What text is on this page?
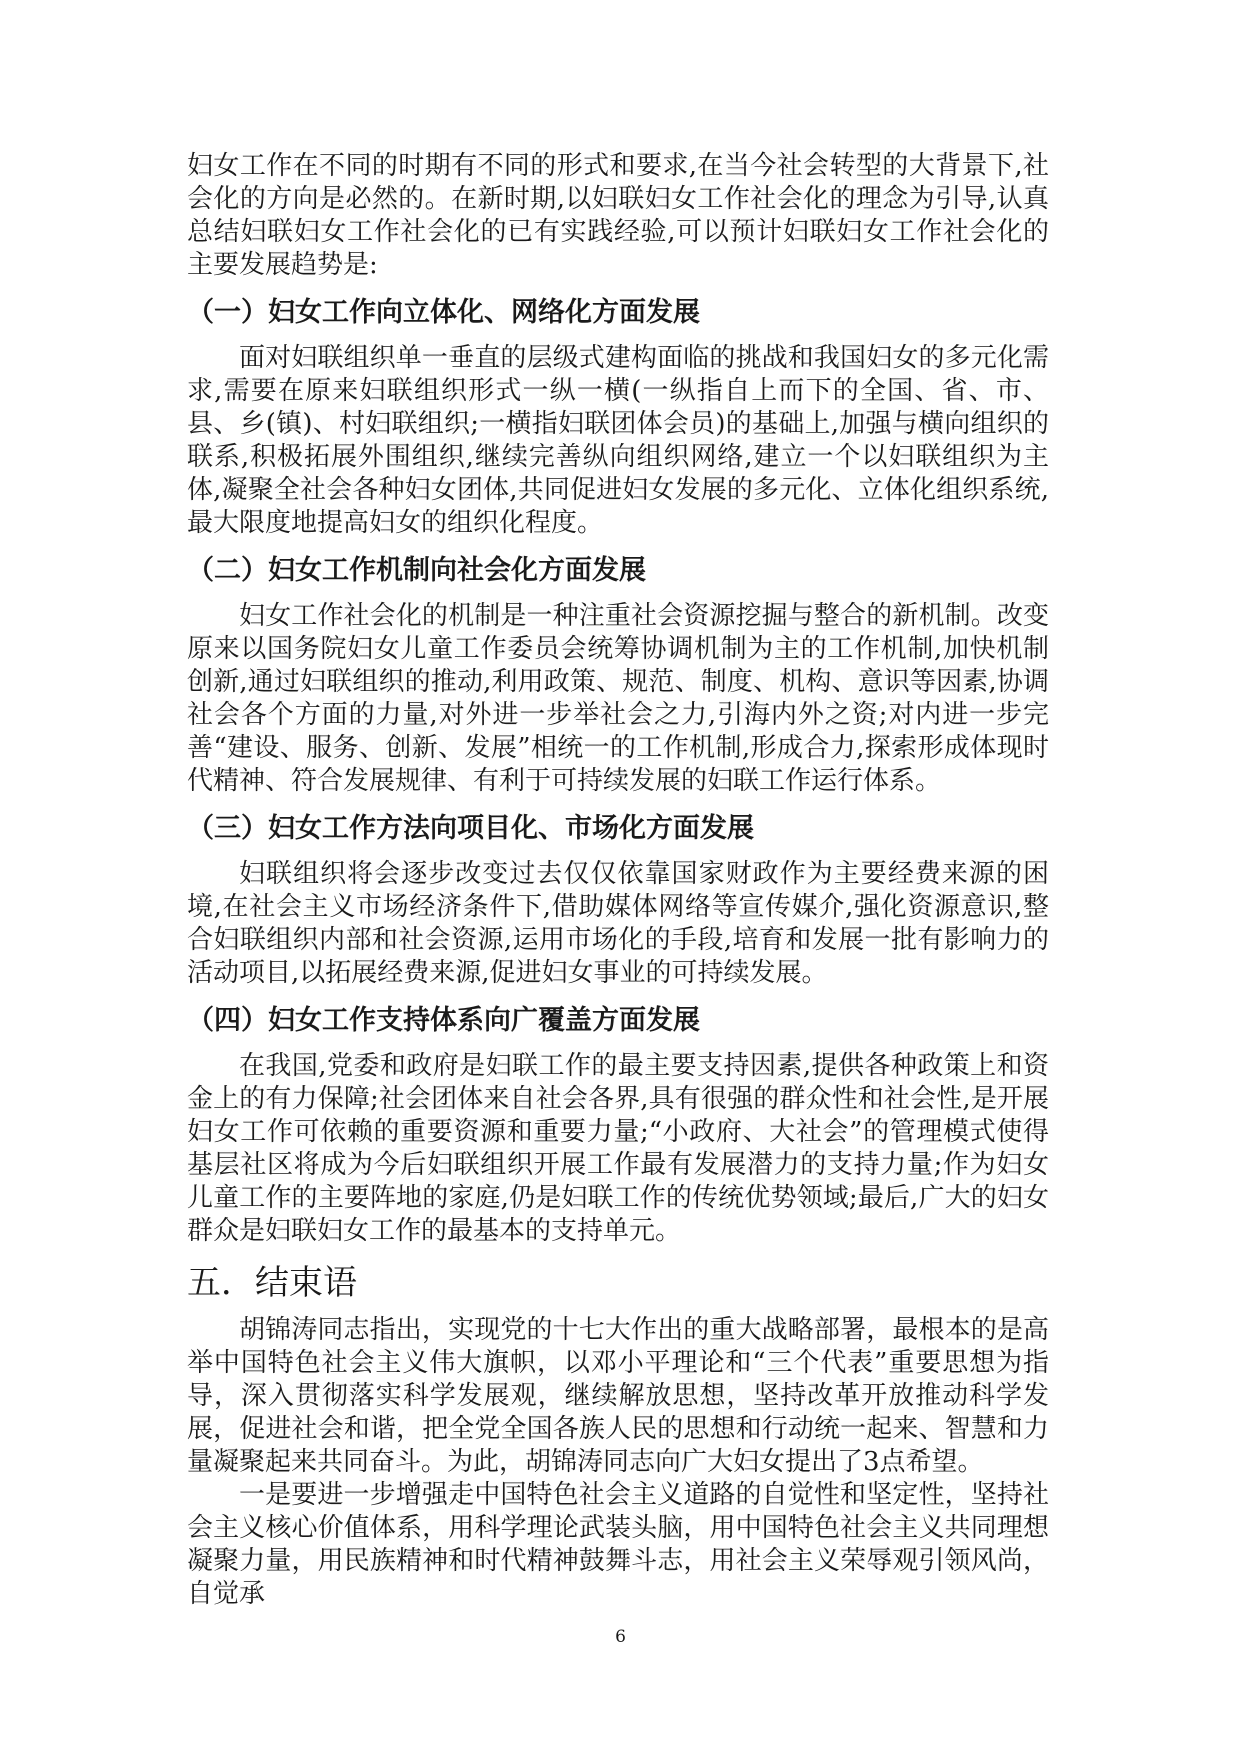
妇女工作在不同的时期有不同的形式和要求,在当今社会转型的大背景下,社会化的方向是必然的。在新时期,以妇联妇女工作社会化的理念为引导,认真总结妇联妇女工作社会化的已有实践经验,可以预计妇联妇女工作社会化的主要发展趋势是:

（一）妇女工作向立体化、网络化方面发展

面对妇联组织单一垂直的层级式建构面临的挑战和我国妇女的多元化需求,需要在原来妇联组织形式一纵一横(一纵指自上而下的全国、省、市、县、乡(镇)、村妇联组织;一横指妇联团体会员)的基础上,加强与横向组织的联系,积极拓展外围组织,继续完善纵向组织网络,建立一个以妇联组织为主体,凝聚全社会各种妇女团体,共同促进妇女发展的多元化、立体化组织系统,最大限度地提高妇女的组织化程度。

（二）妇女工作机制向社会化方面发展

妇女工作社会化的机制是一种注重社会资源挖掘与整合的新机制。改变原来以国务院妇女儿童工作委员会统筹协调机制为主的工作机制,加快机制创新,通过妇联组织的推动,利用政策、规范、制度、机构、意识等因素,协调社会各个方面的力量,对外进一步举社会之力,引海内外之资;对内进一步完善“建设、服务、创新、发展”相统一的工作机制,形成合力,探索形成体现时代精神、符合发展规律、有利于可持续发展的妇联工作运行体系。

（三）妇女工作方法向项目化、市场化方面发展

妇联组织将会逐步改变过去仅仅依靠国家财政作为主要经费来源的困境,在社会主义市场经济条件下,借助媒体网络等宣传媒介,强化资源意识,整合妇联组织内部和社会资源,运用市场化的手段,培育和发展一批有影响力的活动项目,以拓展经费来源,促进妇女事业的可持续发展。

（四）妇女工作支持体系向广覆盖方面发展

在我国,党委和政府是妇联工作的最主要支持因素,提供各种政策上和资金上的有力保障;社会团体来自社会各界,具有很强的群众性和社会性,是开展妇女工作可依赖的重要资源和重要力量;“小政府、大社会”的管理模式使得基层社区将成为今后妇联组织开展工作最有发展潜力的支持力量;作为妇女儿童工作的主要阵地的家庭,仍是妇联工作的传统优势领域;最后,广大的妇女群众是妇联妇女工作的最基本的支持单元。

五．结束语

胡锦涛同志指出，实现党的十七大作出的重大战略部署，最根本的是高举中国特色社会主义伟大旗帜，以邓小平理论和“三个代表”重要思想为指导，深入贯彻落实科学发展观，继续解放思想，坚持改革开放推动科学发展，促进社会和谐，把全党全国各族人民的思想和行动统一起来、智慧和力量凝聚起来共同奋斗。为此，胡锦涛同志向广大妇女提出了3点希望。

一是要进一步增强走中国特色社会主义道路的自觉性和坚定性，坚持社会主义核心价值体系，用科学理论武装头脑，用中国特色社会主义共同理想凝聚力量，用民族精神和时代精神鼓舞斗志，用社会主义荣辱观引领风尚，自觉承

6
